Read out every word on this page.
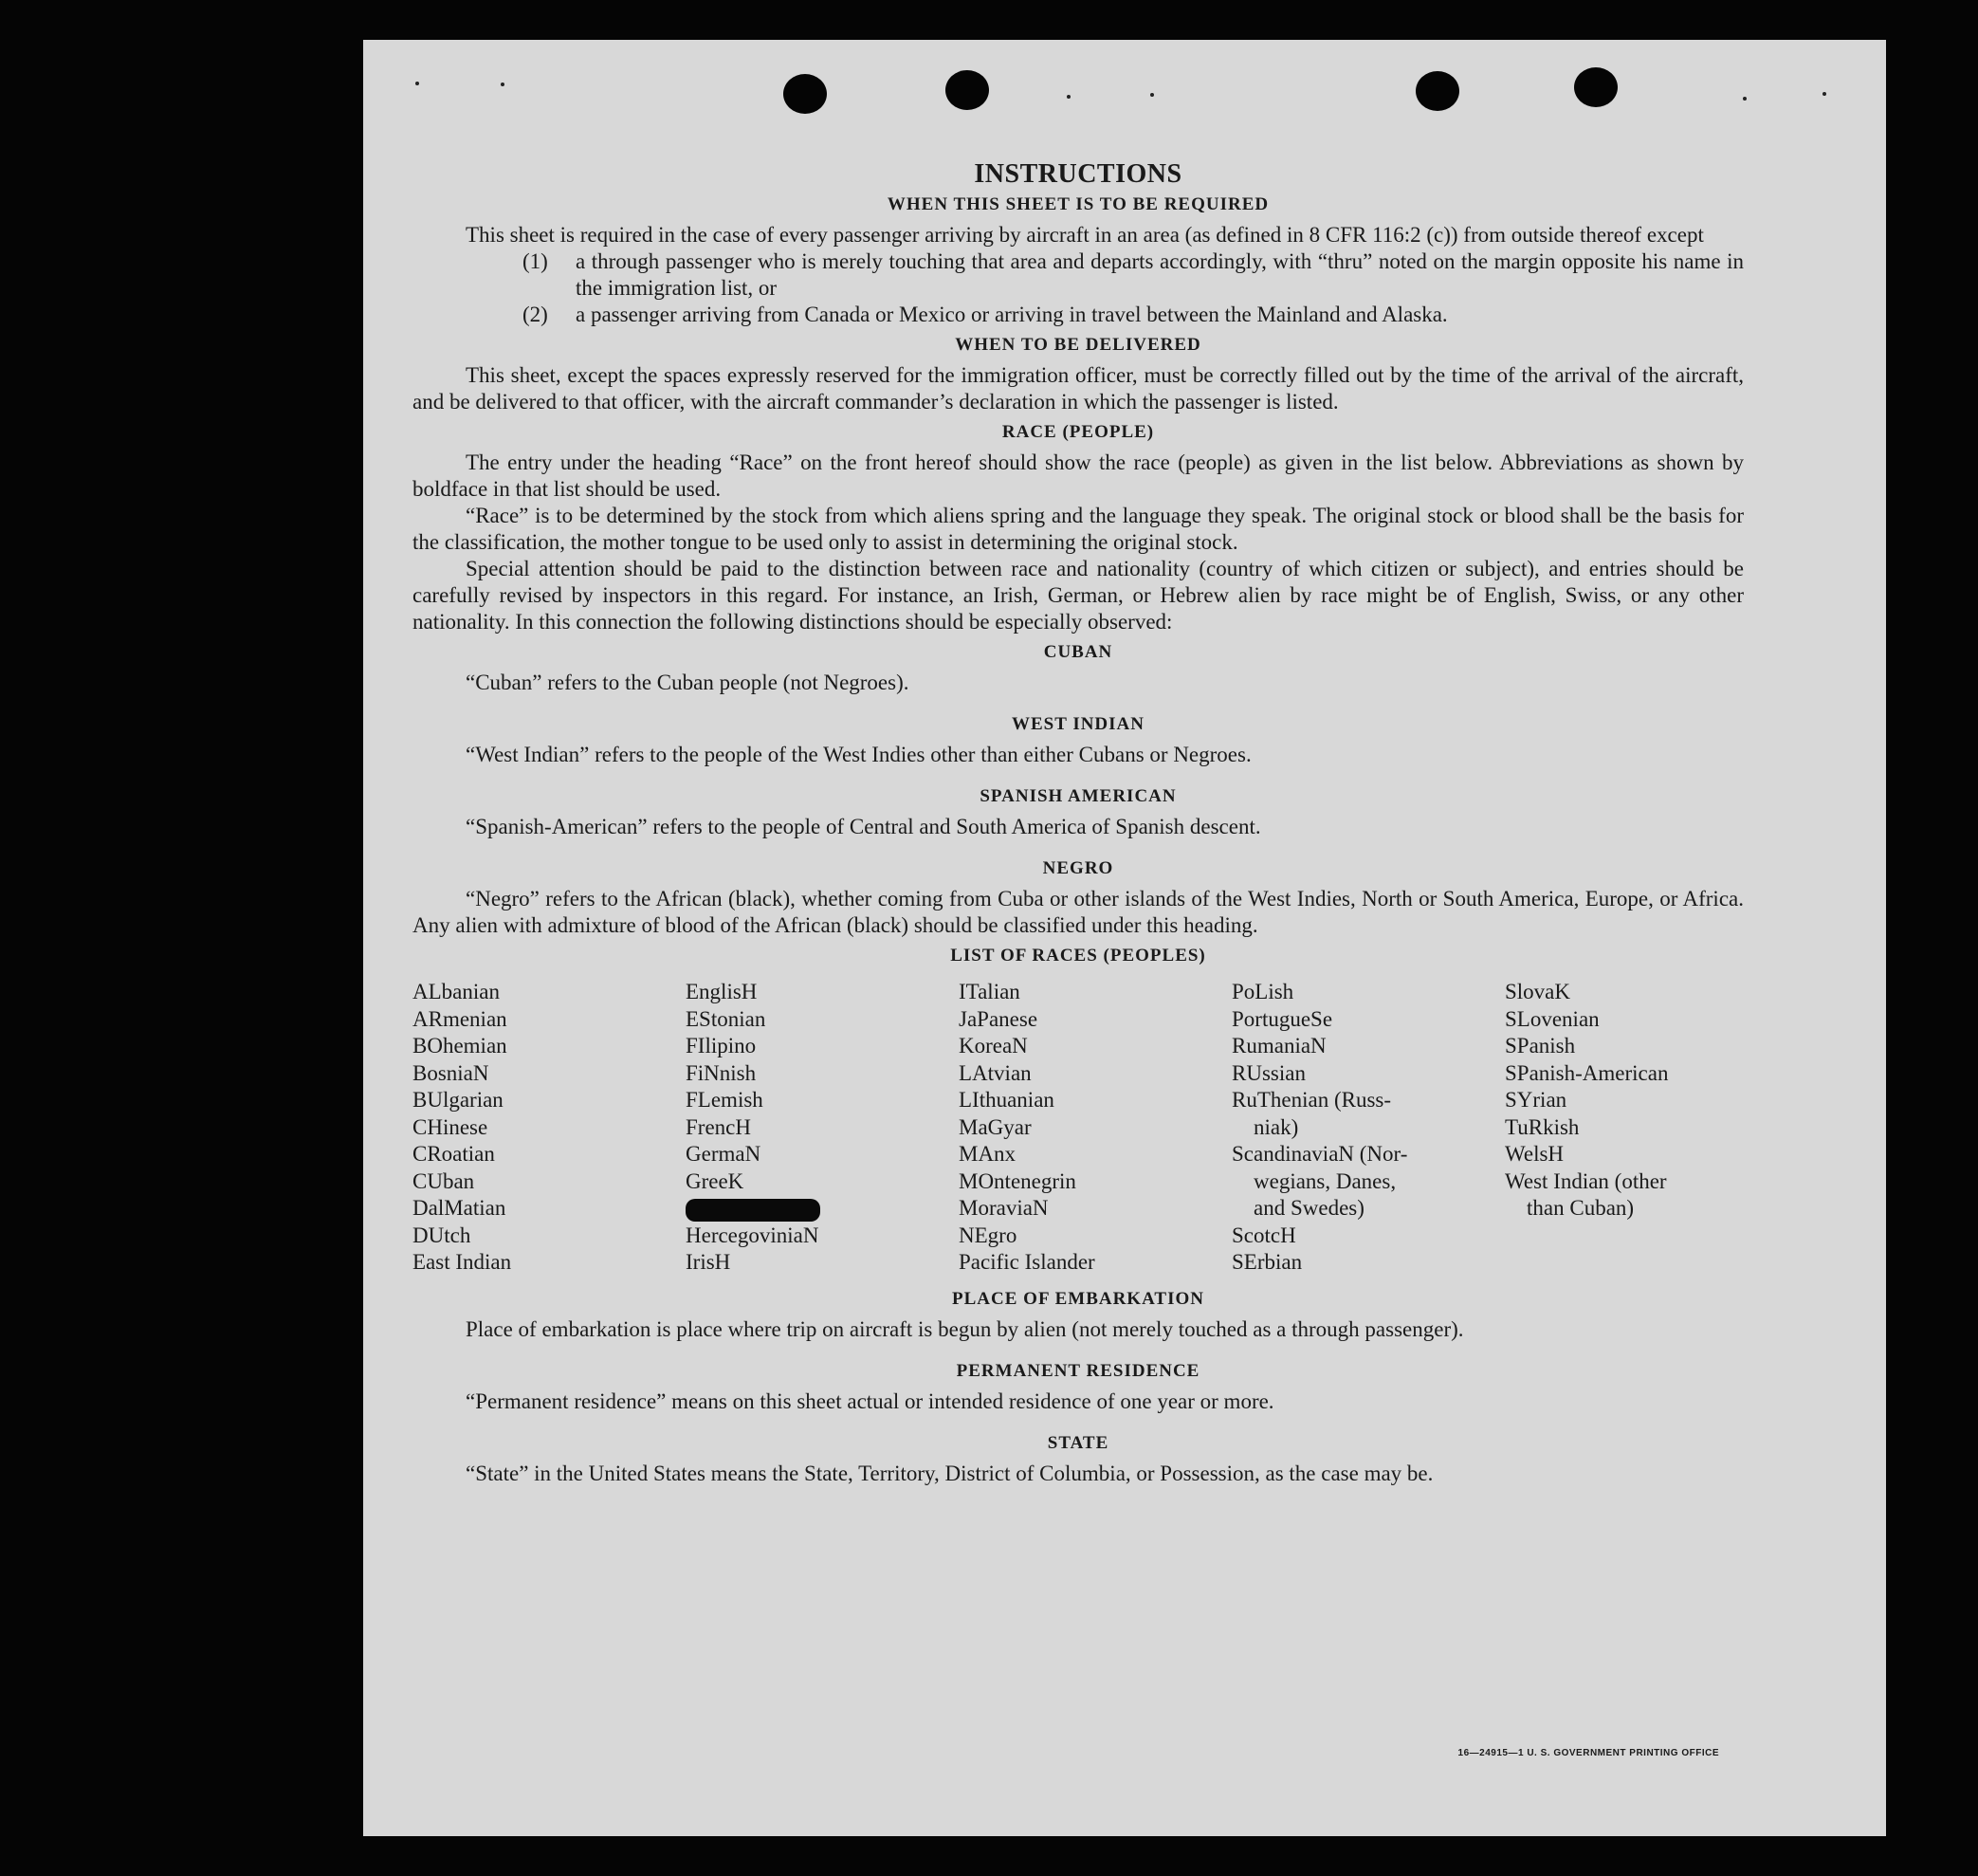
INSTRUCTIONS
WHEN THIS SHEET IS TO BE REQUIRED

This sheet is required in the case of every passenger arriving by aircraft in an area (as defined in 8 CFR 116:2 (c)) from outside thereof except

(1)	a through passenger who is merely touching that area and departs accordingly, with “thru” noted on the margin opposite his name in the immigration list, or
(2)	a passenger arriving from Canada or Mexico or arriving in travel between the Mainland and Alaska.
WHEN TO BE DELIVERED

This sheet, except the spaces expressly reserved for the immigration officer, must be correctly filled out by the time of the arrival of the aircraft, and be delivered to that officer, with the aircraft commander’s declaration in which the passenger is listed.

RACE (PEOPLE)

The entry under the heading “Race” on the front hereof should show the race (people) as given in the list below. Abbreviations as shown by boldface in that list should be used.

“Race” is to be determined by the stock from which aliens spring and the language they speak. The original stock or blood shall be the basis for the classification, the mother tongue to be used only to assist in determining the original stock.

Special attention should be paid to the distinction between race and nationality (country of which citizen or subject), and entries should be carefully revised by inspectors in this regard. For instance, an Irish, German, or Hebrew alien by race might be of English, Swiss, or any other nationality. In this connection the following distinctions should be especially observed:

CUBAN

“Cuban” refers to the Cuban people (not Negroes).

WEST INDIAN

“West Indian” refers to the people of the West Indies other than either Cubans or Negroes.

SPANISH AMERICAN

“Spanish-American” refers to the people of Central and South America of Spanish descent.

NEGRO

“Negro” refers to the African (black), whether coming from Cuba or other islands of the West Indies, North or South America, Europe, or Africa. Any alien with admixture of blood of the African (black) should be classified under this heading.

LIST OF RACES (PEOPLES)
ALbanian
ARmenian
BOhemian
BosniaN
BUlgarian
CHinese
CRoatian
CUban
DalMatian
DUtch
East Indian
EnglisH
EStonian
FIlipino
FiNnish
FLemish
FrencH
GermaN
GreeK
HercegoviniaN
IrisH
ITalian
JaPanese
KoreaN
LAtvian
LIthuanian
MaGyar
MAnx
MOntenegrin
MoraviaN
NEgro
Pacific Islander
PoLish
PortugueSe
RumaniaN
RUssian
RuThenian (Russ-
 niak)
ScandinaviaN (Nor-
 wegians, Danes,
 and Swedes)
ScotcH
SErbian
SlovaK
SLovenian
SPanish
SPanish-American
SYrian
TuRkish
WelsH
West Indian (other
 than Cuban)
PLACE OF EMBARKATION

Place of embarkation is place where trip on aircraft is begun by alien (not merely touched as a through passenger).

PERMANENT RESIDENCE

“Permanent residence” means on this sheet actual or intended residence of one year or more.

STATE

“State” in the United States means the State, Territory, District of Columbia, or Possession, as the case may be.

16—24915—1 U. S. GOVERNMENT PRINTING OFFICE
